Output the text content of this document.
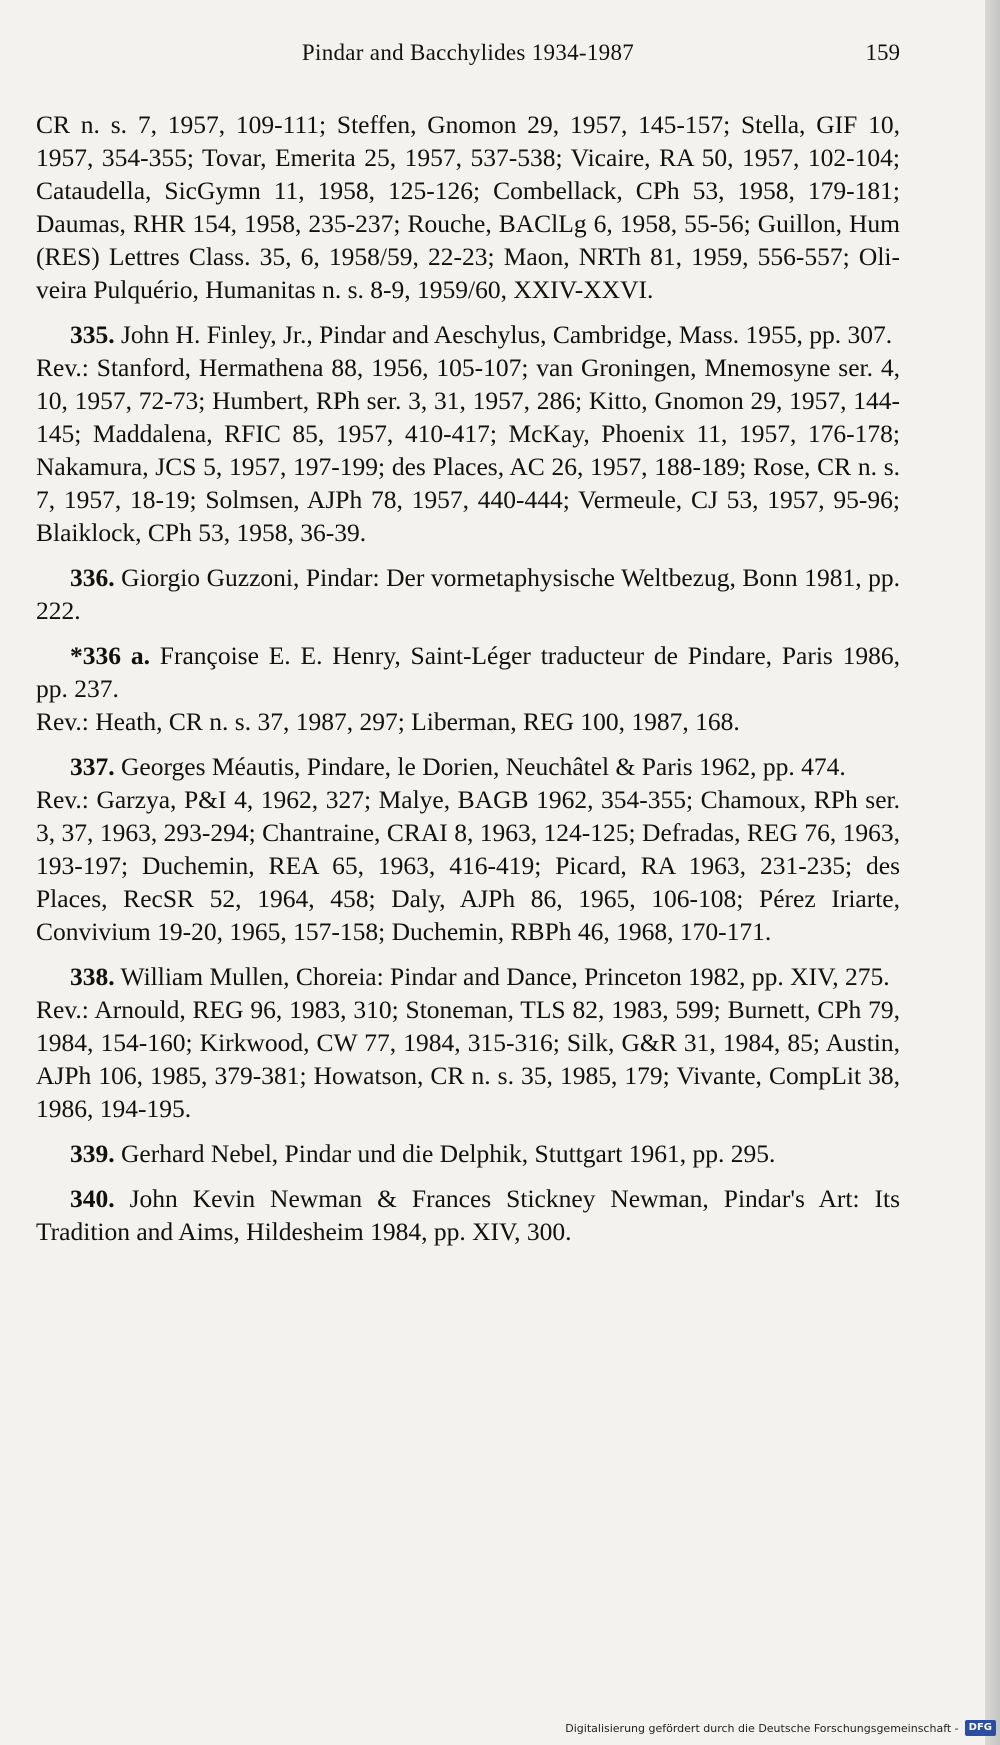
Pindar and Bacchylides 1934-1987	159

CR n. s. 7, 1957, 109-111; Steffen, Gnomon 29, 1957, 145-157; Stella, GIF 10, 1957, 354-355; Tovar, Emerita 25, 1957, 537-538; Vicaire, RA 50, 1957, 102-104; Cataudella, SicGymn 11, 1958, 125-126; Combellack, CPh 53, 1958, 179-181; Daumas, RHR 154, 1958, 235-237; Rouche, BAClLg 6, 1958, 55-56; Guillon, Hum (RES) Lettres Class. 35, 6, 1958/59, 22-23; Maon, NRTh 81, 1959, 556-557; Oliveira Pulquério, Humanitas n. s. 8-9, 1959/60, XXIV-XXVI.

335. John H. Finley, Jr., Pindar and Aeschylus, Cambridge, Mass. 1955, pp. 307.

Rev.: Stanford, Hermathena 88, 1956, 105-107; van Groningen, Mnemosyne ser. 4, 10, 1957, 72-73; Humbert, RPh ser. 3, 31, 1957, 286; Kitto, Gnomon 29, 1957, 144-145; Maddalena, RFIC 85, 1957, 410-417; McKay, Phoenix 11, 1957, 176-178; Nakamura, JCS 5, 1957, 197-199; des Places, AC 26, 1957, 188-189; Rose, CR n. s. 7, 1957, 18-19; Solmsen, AJPh 78, 1957, 440-444; Vermeule, CJ 53, 1957, 95-96; Blaiklock, CPh 53, 1958, 36-39.

336. Giorgio Guzzoni, Pindar: Der vormetaphysische Weltbezug, Bonn 1981, pp. 222.

*336 a. Françoise E. E. Henry, Saint-Léger traducteur de Pindare, Paris 1986, pp. 237.

Rev.: Heath, CR n. s. 37, 1987, 297; Liberman, REG 100, 1987, 168.

337. Georges Méautis, Pindare, le Dorien, Neuchâtel & Paris 1962, pp. 474.

Rev.: Garzya, P&I 4, 1962, 327; Malye, BAGB 1962, 354-355; Chamoux, RPh ser. 3, 37, 1963, 293-294; Chantraine, CRAI 8, 1963, 124-125; Defradas, REG 76, 1963, 193-197; Duchemin, REA 65, 1963, 416-419; Picard, RA 1963, 231-235; des Places, RecSR 52, 1964, 458; Daly, AJPh 86, 1965, 106-108; Pérez Iriarte, Convivium 19-20, 1965, 157-158; Duchemin, RBPh 46, 1968, 170-171.

338. William Mullen, Choreia: Pindar and Dance, Princeton 1982, pp. XIV, 275.

Rev.: Arnould, REG 96, 1983, 310; Stoneman, TLS 82, 1983, 599; Burnett, CPh 79, 1984, 154-160; Kirkwood, CW 77, 1984, 315-316; Silk, G&R 31, 1984, 85; Austin, AJPh 106, 1985, 379-381; Howatson, CR n. s. 35, 1985, 179; Vivante, CompLit 38, 1986, 194-195.

339. Gerhard Nebel, Pindar und die Delphik, Stuttgart 1961, pp. 295.

340. John Kevin Newman & Frances Stickney Newman, Pindar's Art: Its Tradition and Aims, Hildesheim 1984, pp. XIV, 300.

Digitalisierung gefördert durch die Deutsche Forschungsgemeinschaft -	DFG
